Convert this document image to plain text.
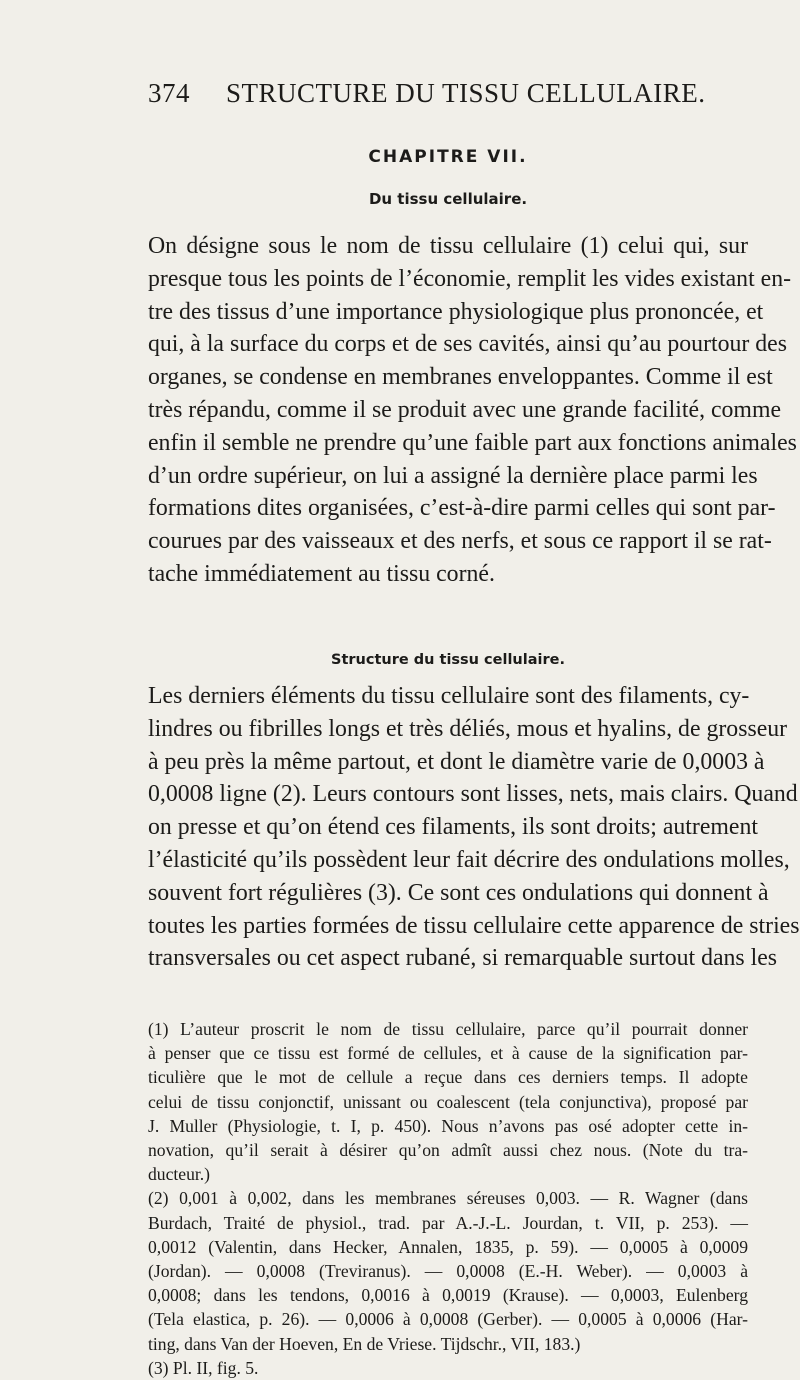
374 STRUCTURE DU TISSU CELLULAIRE.
CHAPITRE VII.
Du tissu cellulaire.

On désigne sous le nom de tissu cellulaire (1) celui qui, sur
presque tous les points de l’économie, remplit les vides existant en-
tre des tissus d’une importance physiologique plus prononcée, et
qui, à la surface du corps et de ses cavités, ainsi qu’au pourtour des
organes, se condense en membranes enveloppantes. Comme il est
très répandu, comme il se produit avec une grande facilité, comme
enfin il semble ne prendre qu’une faible part aux fonctions animales
d’un ordre supérieur, on lui a assigné la dernière place parmi les
formations dites organisées, c’est-à-dire parmi celles qui sont par-
courues par des vaisseaux et des nerfs, et sous ce rapport il se rat-
tache immédiatement au tissu corné.

Structure du tissu cellulaire.

Les derniers éléments du tissu cellulaire sont des filaments, cy-
lindres ou fibrilles longs et très déliés, mous et hyalins, de grosseur
à peu près la même partout, et dont le diamètre varie de 0,0003 à
0,0008 ligne (2). Leurs contours sont lisses, nets, mais clairs. Quand
on presse et qu’on étend ces filaments, ils sont droits; autrement
l’élasticité qu’ils possèdent leur fait décrire des ondulations molles,
souvent fort régulières (3). Ce sont ces ondulations qui donnent à
toutes les parties formées de tissu cellulaire cette apparence de stries
transversales ou cet aspect rubané, si remarquable surtout dans les

(1) L’auteur proscrit le nom de tissu cellulaire, parce qu’il pourrait donner
à penser que ce tissu est formé de cellules, et à cause de la signification par-
ticulière que le mot de cellule a reçue dans ces derniers temps. Il adopte
celui de tissu conjonctif, unissant ou coalescent (tela conjunctiva), proposé par
J. Muller (Physiologie, t. I, p. 450). Nous n’avons pas osé adopter cette in-
novation, qu’il serait à désirer qu’on admît aussi chez nous. (Note du tra-
ducteur.)
(2) 0,001 à 0,002, dans les membranes séreuses 0,003. — R. Wagner (dans
Burdach, Traité de physiol., trad. par A.-J.-L. Jourdan, t. VII, p. 253). —
0,0012 (Valentin, dans Hecker, Annalen, 1835, p. 59). — 0,0005 à 0,0009
(Jordan). — 0,0008 (Treviranus). — 0,0008 (E.-H. Weber). — 0,0003 à
0,0008; dans les tendons, 0,0016 à 0,0019 (Krause). — 0,0003, Eulenberg
(Tela elastica, p. 26). — 0,0006 à 0,0008 (Gerber). — 0,0005 à 0,0006 (Har-
ting, dans Van der Hoeven, En de Vriese. Tijdschr., VII, 183.)
(3) Pl. II, fig. 5.
